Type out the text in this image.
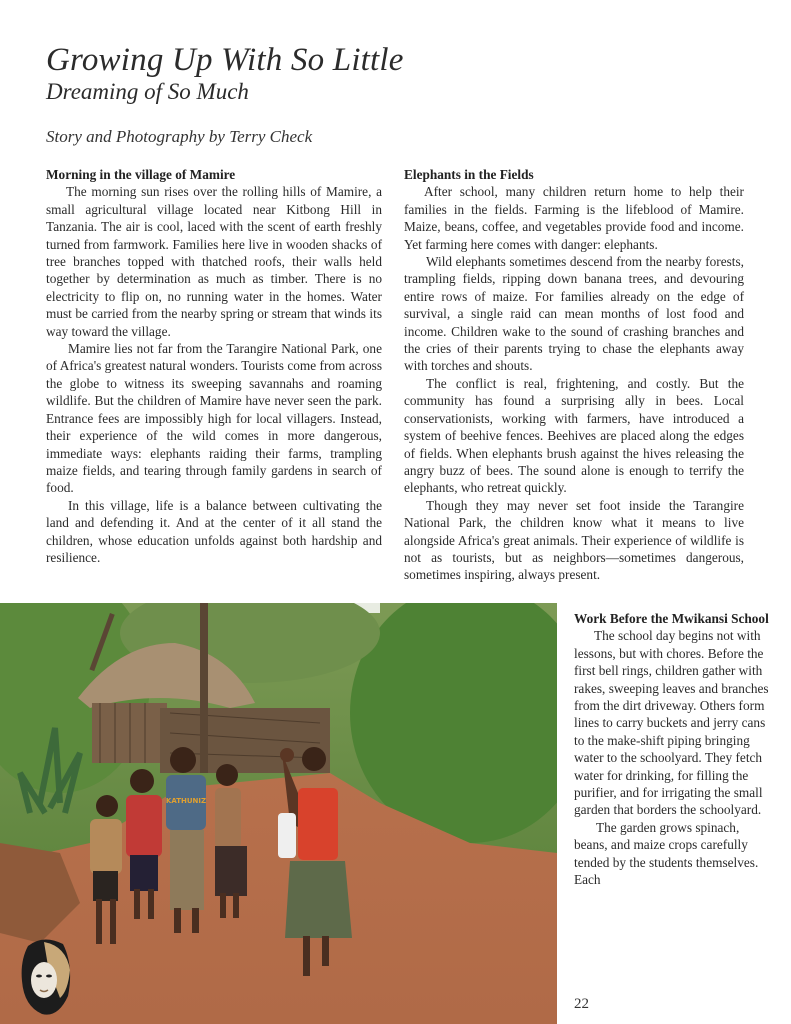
Growing Up With So Little
Dreaming of So Much
Story and Photography by Terry Check
Morning in the village of Mamire

The morning sun rises over the rolling hills of Mamire, a small agricultural village located near Kitbong Hill in Tanzania. The air is cool, laced with the scent of earth freshly turned from farmwork. Families here live in wooden shacks of tree branches topped with thatched roofs, their walls held together by determination as much as timber. There is no electricity to flip on, no running water in the homes. Water must be carried from the nearby spring or stream that winds its way toward the village.

Mamire lies not far from the Tarangire National Park, one of Africa's greatest natural wonders. Tourists come from across the globe to witness its sweeping savannahs and roaming wildlife. But the children of Mamire have never seen the park. Entrance fees are impossibly high for local villagers. Instead, their experience of the wild comes in more dangerous, immediate ways: elephants raiding their farms, trampling maize fields, and tearing through family gardens in search of food.

In this village, life is a balance between cultivating the land and defending it. And at the center of it all stand the children, whose education unfolds against both hardship and resilience.

Elephants in the Fields

After school, many children return home to help their families in the fields. Farming is the lifeblood of Mamire. Maize, beans, coffee, and vegetables provide food and income. Yet farming here comes with danger: elephants.

Wild elephants sometimes descend from the nearby forests, trampling fields, ripping down banana trees, and devouring entire rows of maize. For families already on the edge of survival, a single raid can mean months of lost food and income. Children wake to the sound of crashing branches and the cries of their parents trying to chase the elephants away with torches and shouts.

The conflict is real, frightening, and costly. But the community has found a surprising ally in bees. Local conservationists, working with farmers, have introduced a system of beehive fences. Beehives are placed along the edges of fields. When elephants brush against the hives releasing the angry buzz of bees. The sound alone is enough to terrify the elephants, who retreat quickly.

Though they may never set foot inside the Tarangire National Park, the children know what it means to live alongside Africa's great animals. Their experience of wildlife is not as tourists, but as neighbors—sometimes dangerous, sometimes inspiring, always present.

KATHUNIZ
Work Before the Mwikansi School

The school day begins not with lessons, but with chores. Before the first bell rings, children gather with rakes, sweeping leaves and branches from the dirt driveway. Others form lines to carry buckets and jerry cans to the make-shift piping bringing water to the schoolyard. They fetch water for drinking, for filling the purifier, and for irrigating the small garden that borders the schoolyard.

The garden grows spinach, beans, and maize crops carefully tended by the students themselves. Each

22
